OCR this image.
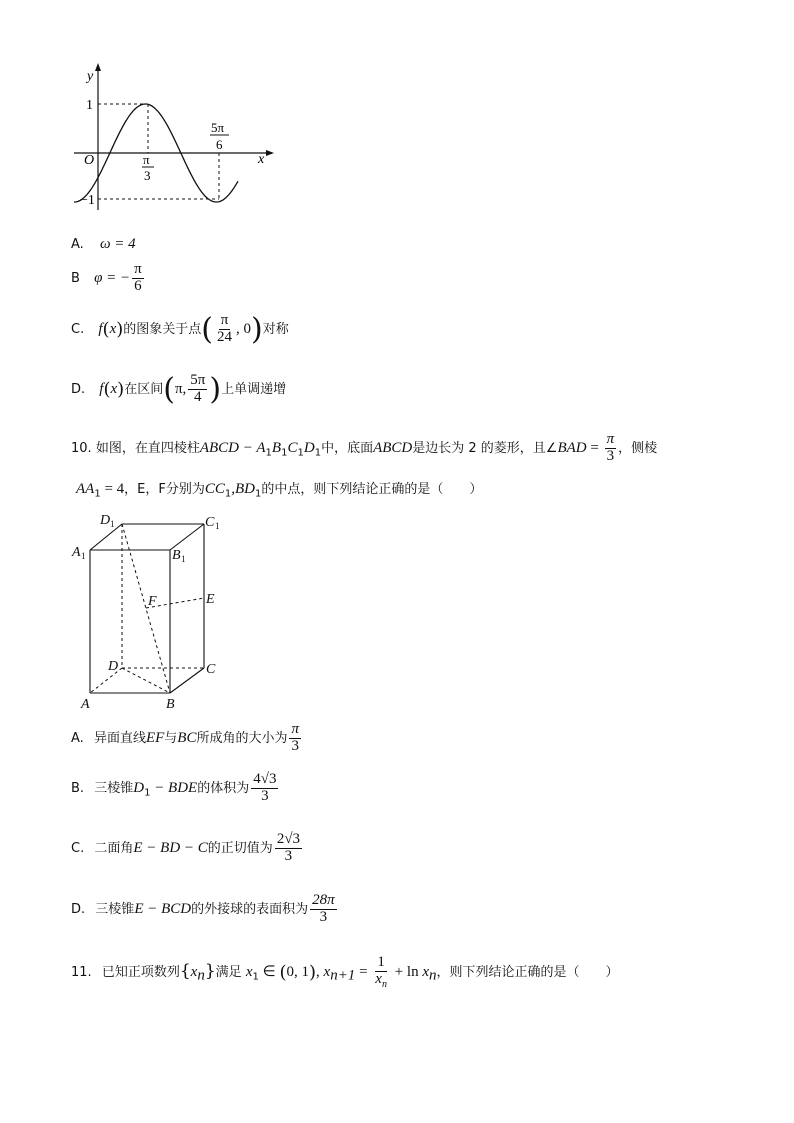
y
x
O
1
−1
π
3
5π
6
A. ω = 4
B φ = − $\frac{\pi}{6}$
C. f(x)的图象关于点( $\frac{\pi}{24}$ , 0)对称
D. f(x)在区间(π, $\frac{5\pi}{4}$ )上单调递增
10. 如图，在直四棱柱ABCD − $A_1B_1C_1D_1$中，底面ABCD是边长为 2 的菱形，且∠BAD = $\frac{\pi}{3}$ ，侧棱
$AA_1 = 4$，E，F分别为$CC_1,BD_1$的中点，则下列结论正确的是（　　）
D 1	C 1
A 1	B 1
F	E
D	C
A	B
A. 异面直线EF与BC所成角的大小为 $\frac{\pi}{3}$
B. 三棱锥$D_1$ − BDE的体积为 $\frac{4√3}{3}$
C. 二面角E − BD − C的正切值为 $\frac{2√3}{3}$
D. 三棱锥E − BCD的外接球的表面积为 $\frac{28\pi}{3}$
11. 已知正项数列$\{x_n\}$满足 $x_1$ ∈ (0, 1), $x_{n+1} = \frac{1}{x_n} + \ln x_n$，则下列结论正确的是（　　）
